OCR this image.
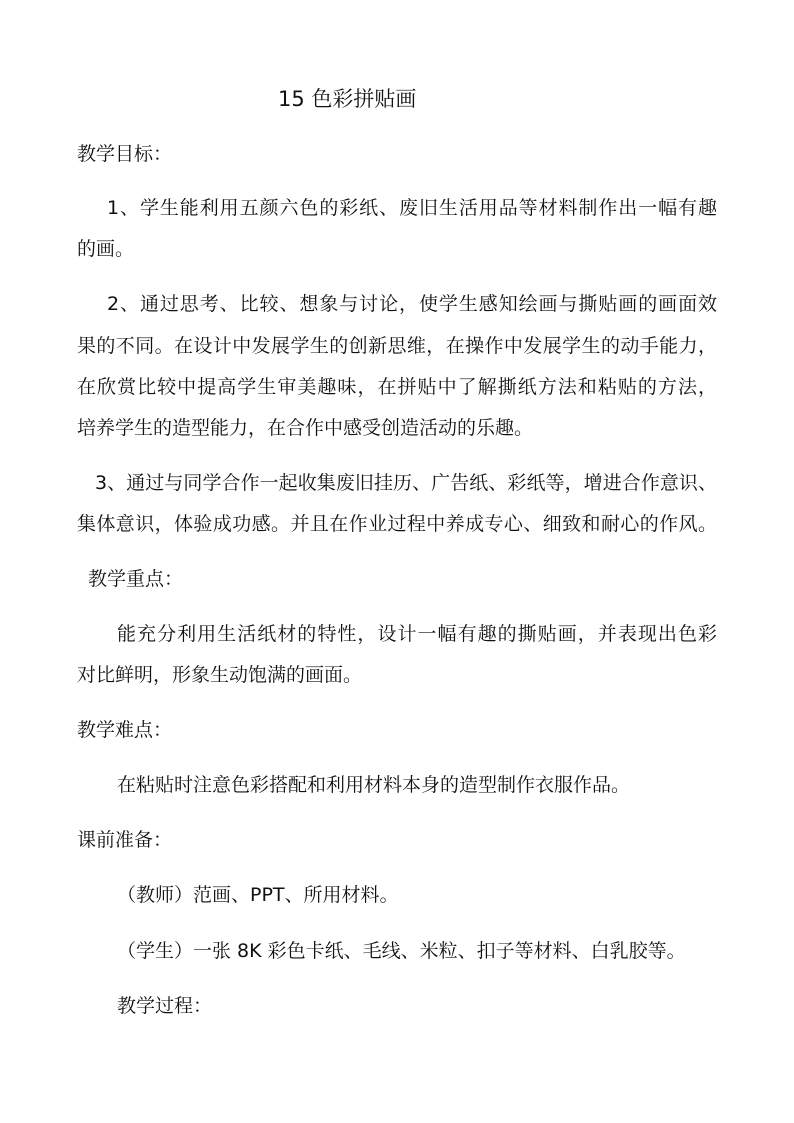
15 色彩拼贴画
教学目标：
1、学生能利用五颜六色的彩纸、废旧生活用品等材料制作出一幅有趣
的画。
2、通过思考、比较、想象与讨论，使学生感知绘画与撕贴画的画面效
果的不同。在设计中发展学生的创新思维，在操作中发展学生的动手能力，
在欣赏比较中提高学生审美趣味，在拼贴中了解撕纸方法和粘贴的方法，
培养学生的造型能力，在合作中感受创造活动的乐趣。
3、通过与同学合作一起收集废旧挂历、广告纸、彩纸等，增进合作意识、
集体意识，体验成功感。并且在作业过程中养成专心、细致和耐心的作风。
教学重点：
能充分利用生活纸材的特性，设计一幅有趣的撕贴画，并表现出色彩
对比鲜明，形象生动饱满的画面。
教学难点：
在粘贴时注意色彩搭配和利用材料本身的造型制作衣服作品。
课前准备：
（教师）范画、PPT、所用材料。
（学生）一张 8K 彩色卡纸、毛线、米粒、扣子等材料、白乳胶等。
教学过程：
